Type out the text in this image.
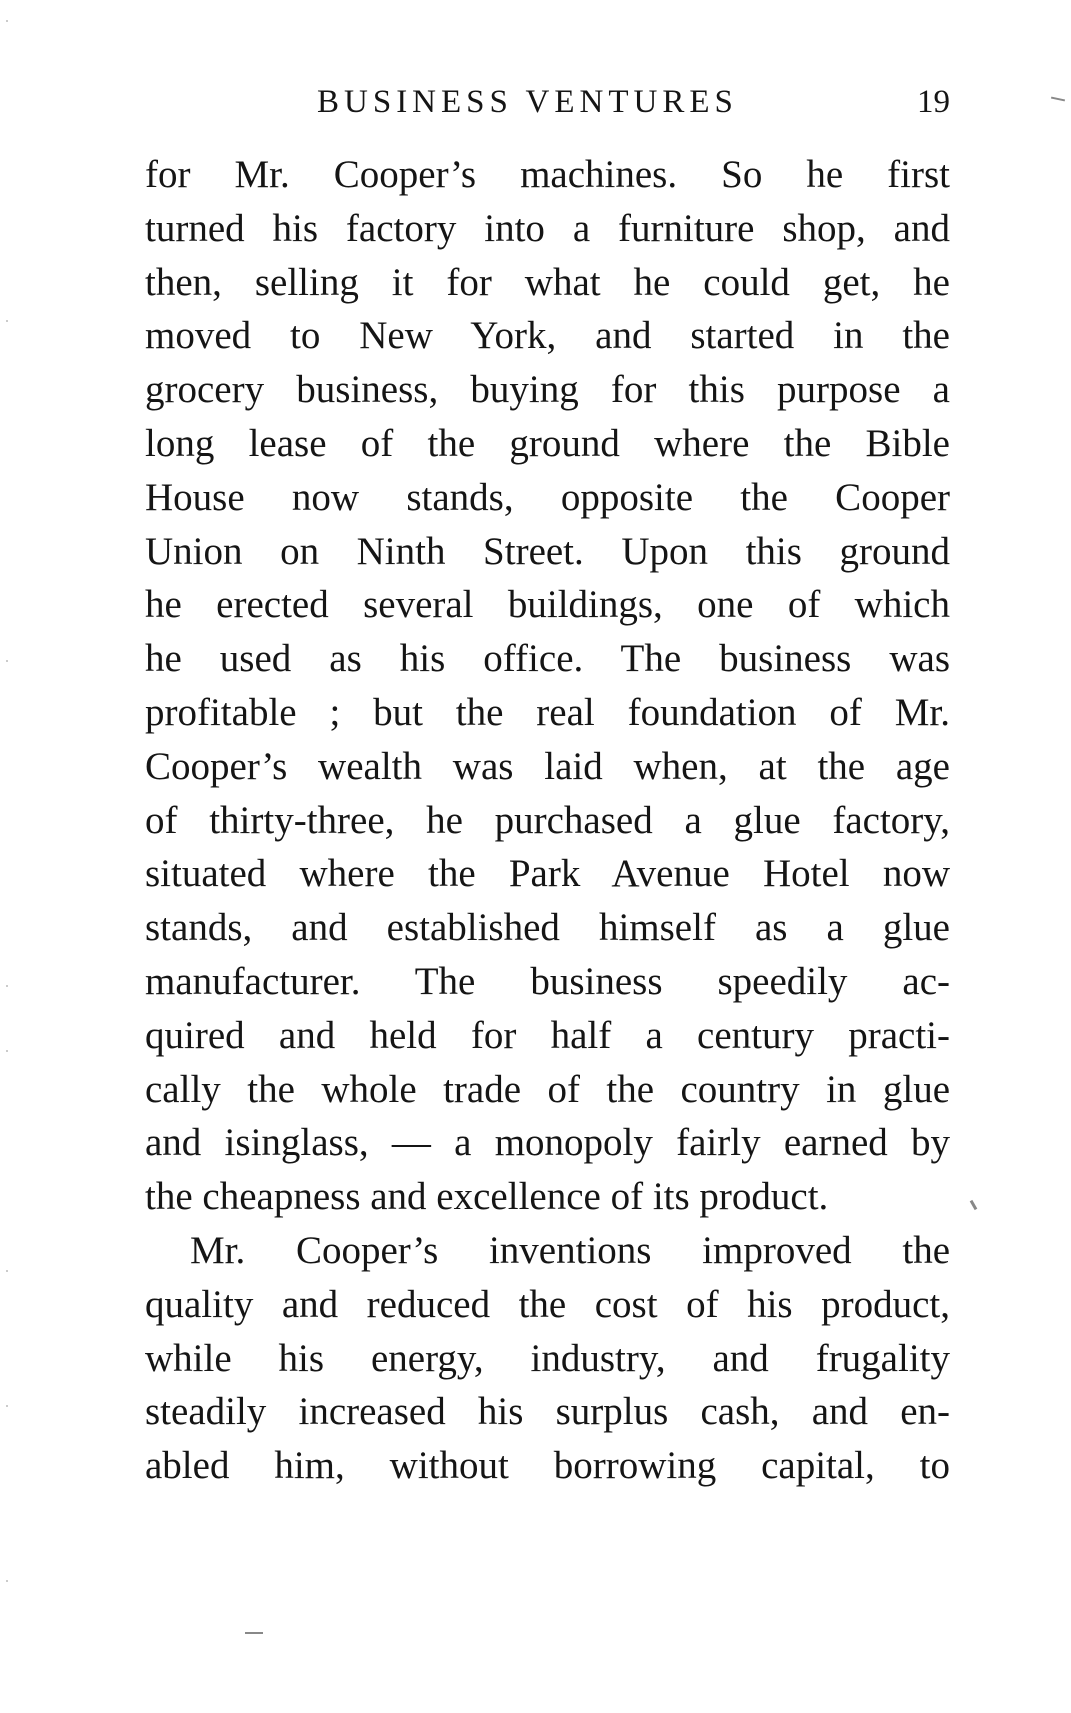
BUSINESS VENTURES	19
for Mr. Cooper’s machines. So he first
turned his factory into a furniture shop, and
then, selling it for what he could get, he
moved to New York, and started in the
grocery business, buying for this purpose a
long lease of the ground where the Bible
House now stands, opposite the Cooper
Union on Ninth Street. Upon this ground
he erected several buildings, one of which
he used as his office. The business was
profitable ; but the real foundation of Mr.
Cooper’s wealth was laid when, at the age
of thirty-three, he purchased a glue factory,
situated where the Park Avenue Hotel now
stands, and established himself as a glue
manufacturer. The business speedily ac-
quired and held for half a century practi-
cally the whole trade of the country in glue
and isinglass, — a monopoly fairly earned by
the cheapness and excellence of its product.
Mr. Cooper’s inventions improved the
quality and reduced the cost of his product,
while his energy, industry, and frugality
steadily increased his surplus cash, and en-
abled him, without borrowing capital, to
